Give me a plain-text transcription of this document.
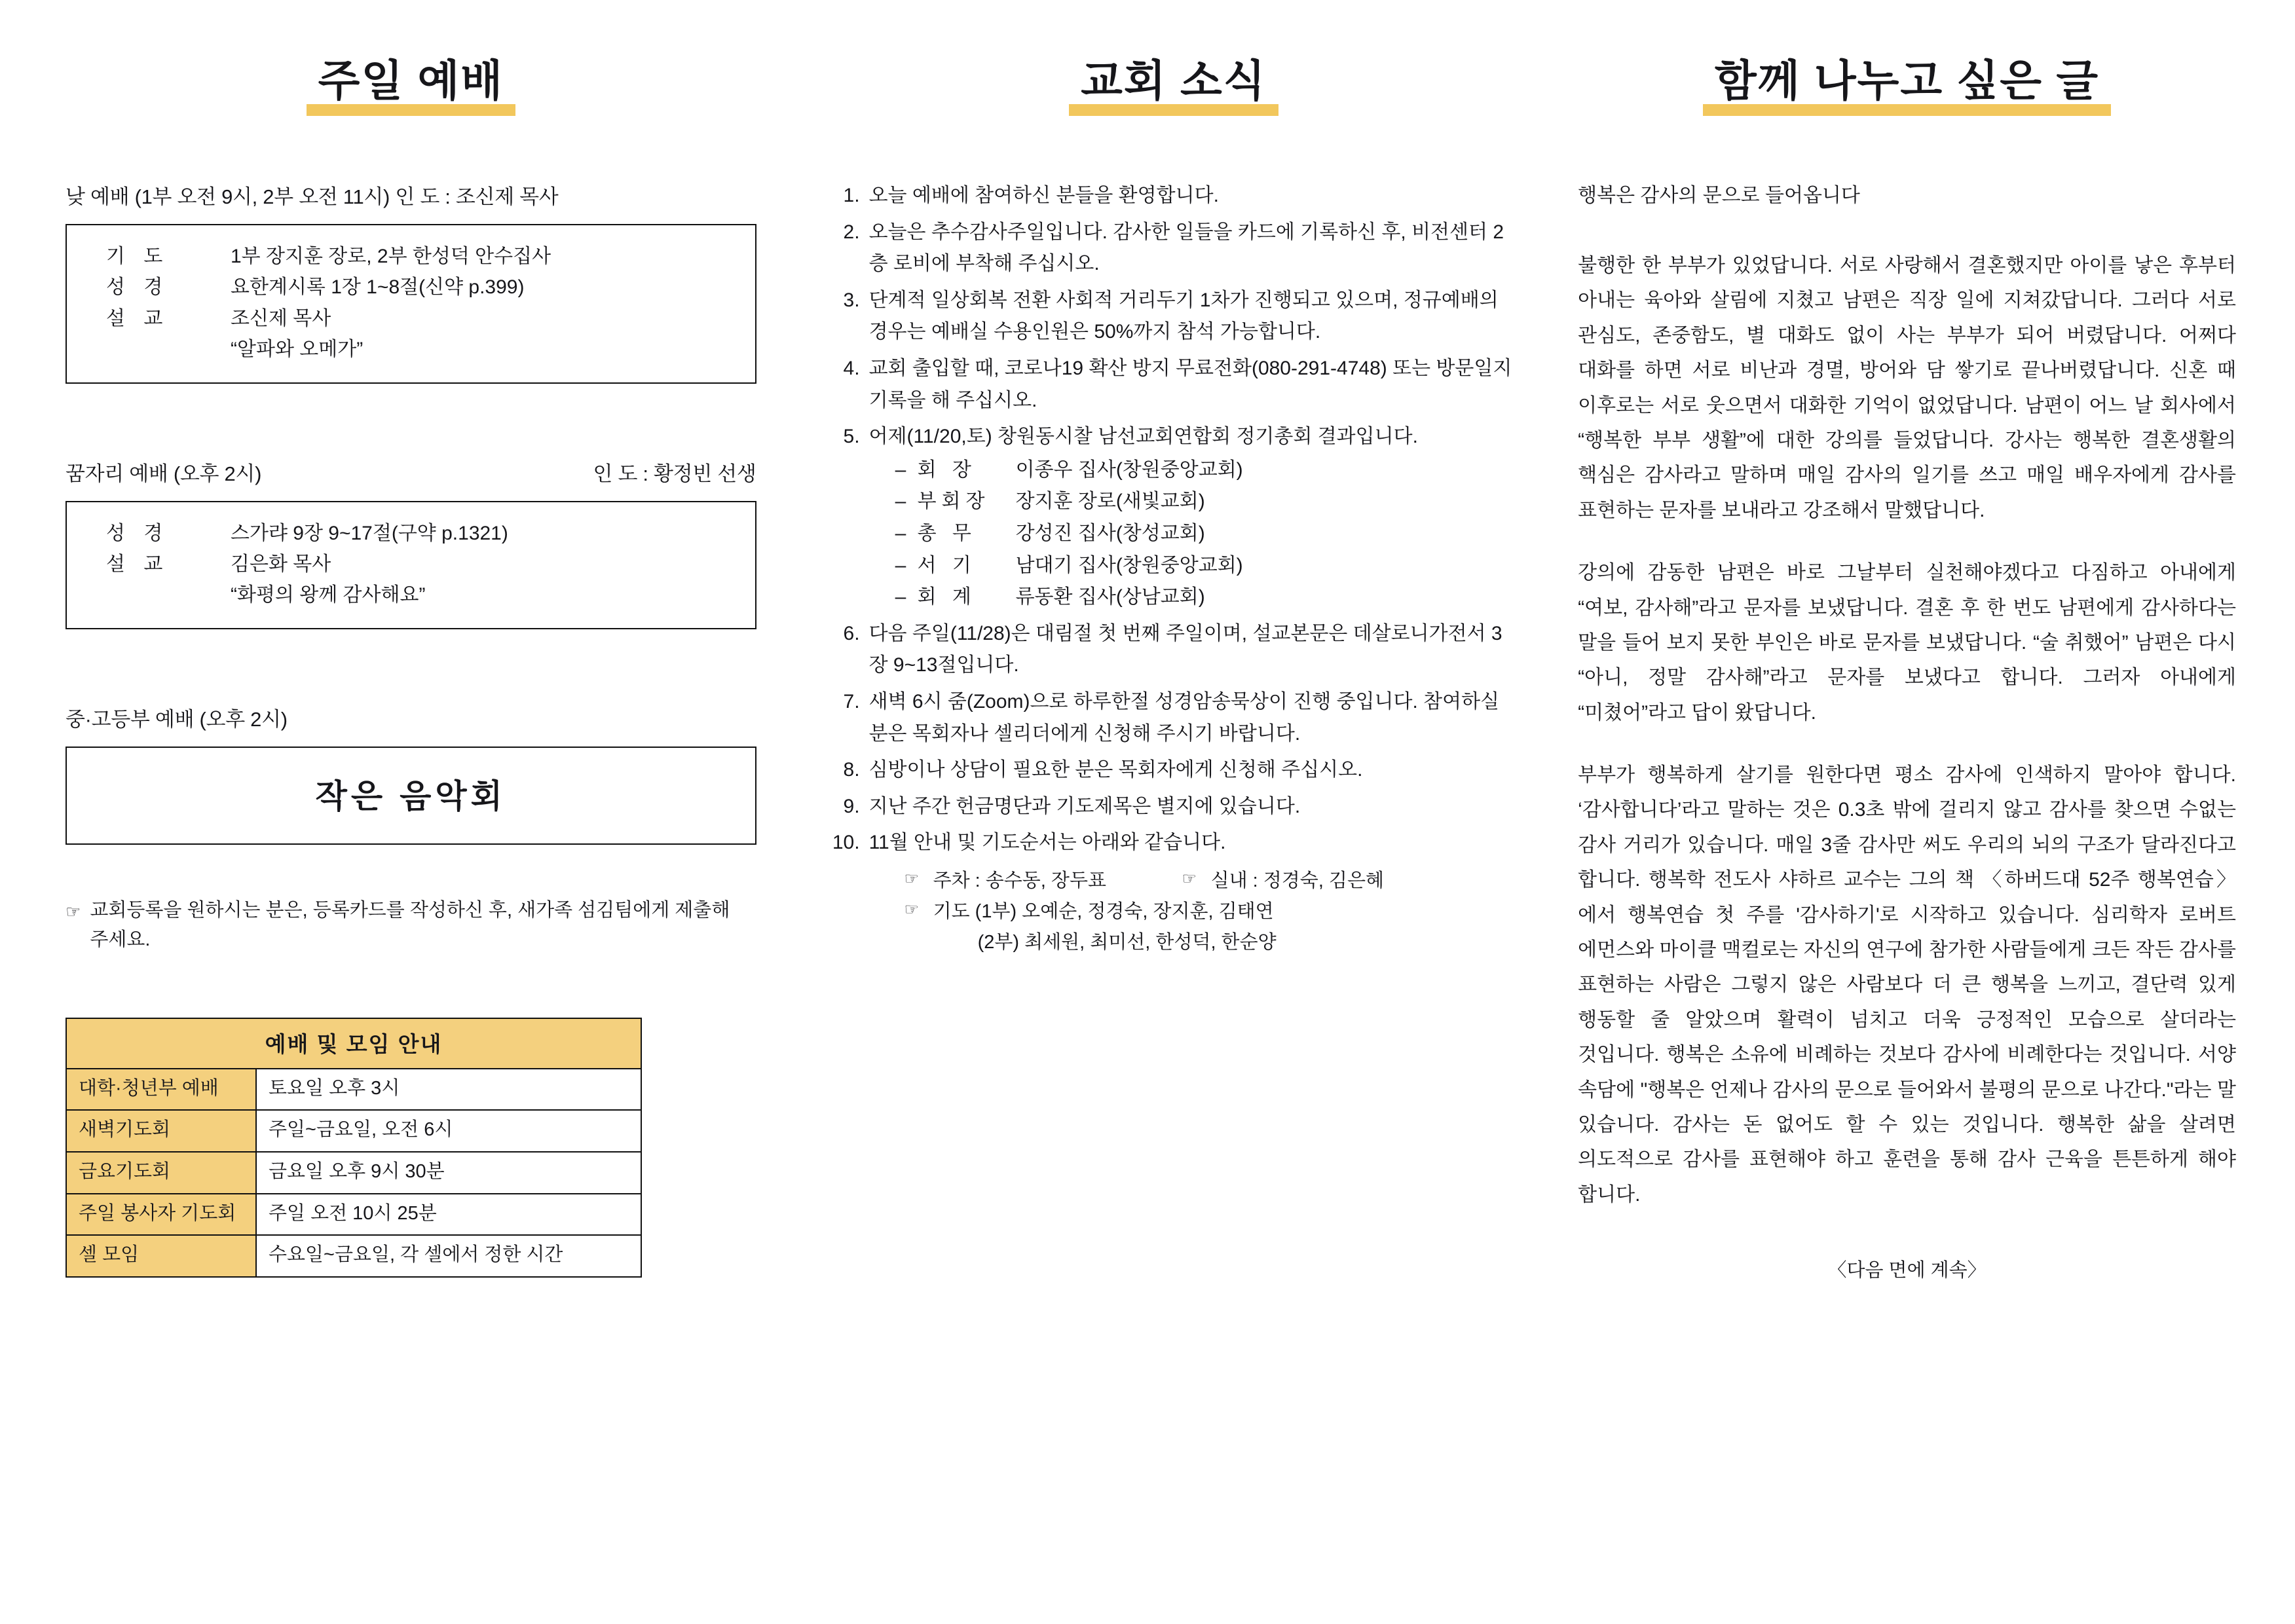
주일 예배
낮 예배 (1부 오전 9시, 2부 오전 11시) 인 도 : 조신제 목사
기 도	1부 장지훈 장로, 2부 한성덕 안수집사
성 경	요한계시록 1장 1~8절(신약 p.399)
설 교	조신제 목사
“알파와 오메가”
인 도 : 황정빈 선생
꿈자리 예배 (오후 2시)
성 경	스가랴 9장 9~17절(구약 p.1321)
설 교	김은화 목사
“화평의 왕께 감사해요”
중·고등부 예배 (오후 2시)
작은 음악회
☞ 교회등록을 원하시는 분은, 등록카드를 작성하신 후, 새가족 섬김팀에게 제출해 주세요.
예배 및 모임 안내
대학·청년부 예배	토요일 오후 3시
새벽기도회	주일~금요일, 오전 6시
금요기도회	금요일 오후 9시 30분
주일 봉사자 기도회	주일 오전 10시 25분
셀 모임	수요일~금요일, 각 셀에서 정한 시간
교회 소식
1. 오늘 예배에 참여하신 분들을 환영합니다.
2. 오늘은 추수감사주일입니다. 감사한 일들을 카드에 기록하신 후, 비전센터 2층 로비에 부착해 주십시오.
3. 단계적 일상회복 전환 사회적 거리두기 1차가 진행되고 있으며, 정규예배의 경우는 예배실 수용인원은 50%까지 참석 가능합니다.
4. 교회 출입할 때, 코로나19 확산 방지 무료전화(080-291-4748) 또는 방문일지 기록을 해 주십시오.
5. 어제(11/20,토) 창원동시찰 남선교회연합회 정기총회 결과입니다.
– 회 장 이종우 집사(창원중앙교회)
– 부회장 장지훈 장로(새빛교회)
– 총 무 강성진 집사(창성교회)
– 서 기 남대기 집사(창원중앙교회)
– 회 계 류동환 집사(상남교회)
6. 다음 주일(11/28)은 대림절 첫 번째 주일이며, 설교본문은 데살로니가전서 3장 9~13절입니다.
7. 새벽 6시 줌(Zoom)으로 하루한절 성경암송묵상이 진행 중입니다. 참여하실 분은 목회자나 셀리더에게 신청해 주시기 바랍니다.
8. 심방이나 상담이 필요한 분은 목회자에게 신청해 주십시오.
9. 지난 주간 헌금명단과 기도제목은 별지에 있습니다.
10. 11월 안내 및 기도순서는 아래와 같습니다.
☞ 주차 : 송수동, 장두표	☞ 실내 : 정경숙, 김은혜
☞ 기도 (1부) 오예순, 정경숙, 장지훈, 김태연
(2부) 최세원, 최미선, 한성덕, 한순양
함께 나누고 싶은 글
행복은 감사의 문으로 들어옵니다

불행한 한 부부가 있었답니다. 서로 사랑해서 결혼했지만 아이를 낳은 후부터 아내는 육아와 살림에 지쳤고 남편은 직장 일에 지쳐갔답니다. 그러다 서로 관심도, 존중함도, 별 대화도 없이 사는 부부가 되어 버렸답니다. 어쩌다 대화를 하면 서로 비난과 경멸, 방어와 담 쌓기로 끝나버렸답니다. 신혼 때 이후로는 서로 웃으면서 대화한 기억이 없었답니다. 남편이 어느 날 회사에서 “행복한 부부 생활”에 대한 강의를 들었답니다. 강사는 행복한 결혼생활의 핵심은 감사라고 말하며 매일 감사의 일기를 쓰고 매일 배우자에게 감사를 표현하는 문자를 보내라고 강조해서 말했답니다.

강의에 감동한 남편은 바로 그날부터 실천해야겠다고 다짐하고 아내에게 “여보, 감사해”라고 문자를 보냈답니다. 결혼 후 한 번도 남편에게 감사하다는 말을 들어 보지 못한 부인은 바로 문자를 보냈답니다. “술 취했어” 남편은 다시 “아니, 정말 감사해”라고 문자를 보냈다고 합니다. 그러자 아내에게 “미쳤어”라고 답이 왔답니다.

부부가 행복하게 살기를 원한다면 평소 감사에 인색하지 말아야 합니다. ‘감사합니다’라고 말하는 것은 0.3초 밖에 걸리지 않고 감사를 찾으면 수없는 감사 거리가 있습니다. 매일 3줄 감사만 써도 우리의 뇌의 구조가 달라진다고 합니다. 행복학 전도사 샤하르 교수는 그의 책 〈하버드대 52주 행복연습〉에서 행복연습 첫 주를 '감사하기'로 시작하고 있습니다. 심리학자 로버트 에먼스와 마이클 맥컬로는 자신의 연구에 참가한 사람들에게 크든 작든 감사를 표현하는 사람은 그렇지 않은 사람보다 더 큰 행복을 느끼고, 결단력 있게 행동할 줄 알았으며 활력이 넘치고 더욱 긍정적인 모습으로 살더라는 것입니다. 행복은 소유에 비례하는 것보다 감사에 비례한다는 것입니다. 서양 속담에 "행복은 언제나 감사의 문으로 들어와서 불평의 문으로 나간다."라는 말 있습니다. 감사는 돈 없어도 할 수 있는 것입니다. 행복한 삶을 살려면 의도적으로 감사를 표현해야 하고 훈련을 통해 감사 근육을 튼튼하게 해야 합니다.

〈다음 면에 계속〉
